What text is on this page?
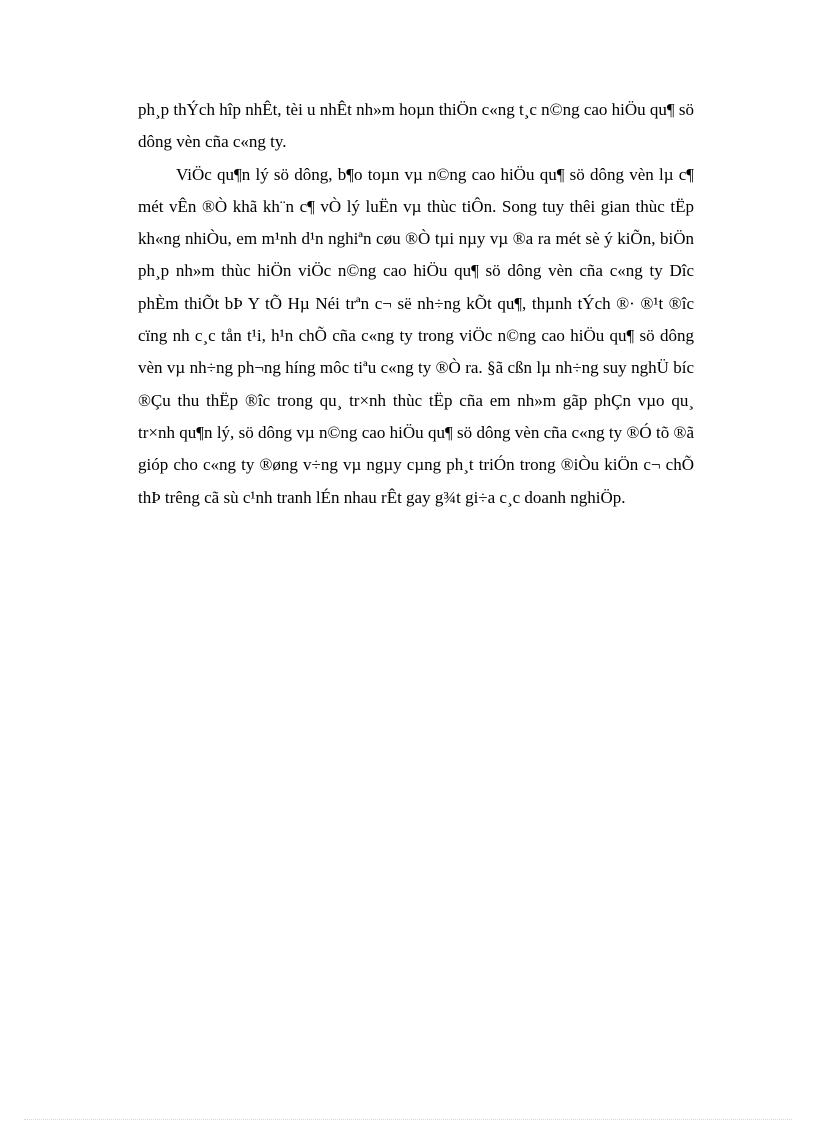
ph¸p thÝch hîp nhÊt, tèi u nhÊt nh»m hoµn thiÖn c«ng t¸c n©ng cao hiÖu qu¶ sö dông vèn cña c«ng ty.

ViÖc qu¶n lý sö dông, b¶o toµn vµ n©ng cao hiÖu qu¶ sö dông vèn lµ c¶ mét vÊn ®Ò khã kh¨n c¶ vÒ lý luËn vµ thùc tiÔn. Song tuy thêi gian thùc tËp kh«ng nhiÒu, em m¹nh d¹n nghiªn cøu ®Ò tµi nµy vµ ®a ra mét sè ý kiÕn, biÖn ph¸p nh»m thùc hiÖn viÖc n©ng cao hiÖu qu¶ sö dông vèn cña c«ng ty Dîc phÈm thiÕt bÞ Y tÕ Hµ Néi trªn c¬ së nh÷ng kÕt qu¶, thµnh tÝch ®· ®¹t ®îc cïng nh c¸c tån t¹i, h¹n chÕ cña c«ng ty trong viÖc n©ng cao hiÖu qu¶ sö dông vèn vµ nh÷ng ph¬ng híng môc tiªu c«ng ty ®Ò ra. §ã cßn lµ nh÷ng suy nghÜ bíc ®Çu thu thËp ®îc trong qu¸ tr×nh thùc tËp cña em nh»m gãp phÇn vµo qu¸ tr×nh qu¶n lý, sö dông vµ n©ng cao hiÖu qu¶ sö dông vèn cña c«ng ty ®Ó tõ ®ã gióp cho c«ng ty ®øng v÷ng vµ ngµy cµng ph¸t triÓn trong ®iÒu kiÖn c¬ chÕ thÞ trêng cã sù c¹nh tranh lÉn nhau rÊt gay g¾t gi÷a c¸c doanh nghiÖp.
